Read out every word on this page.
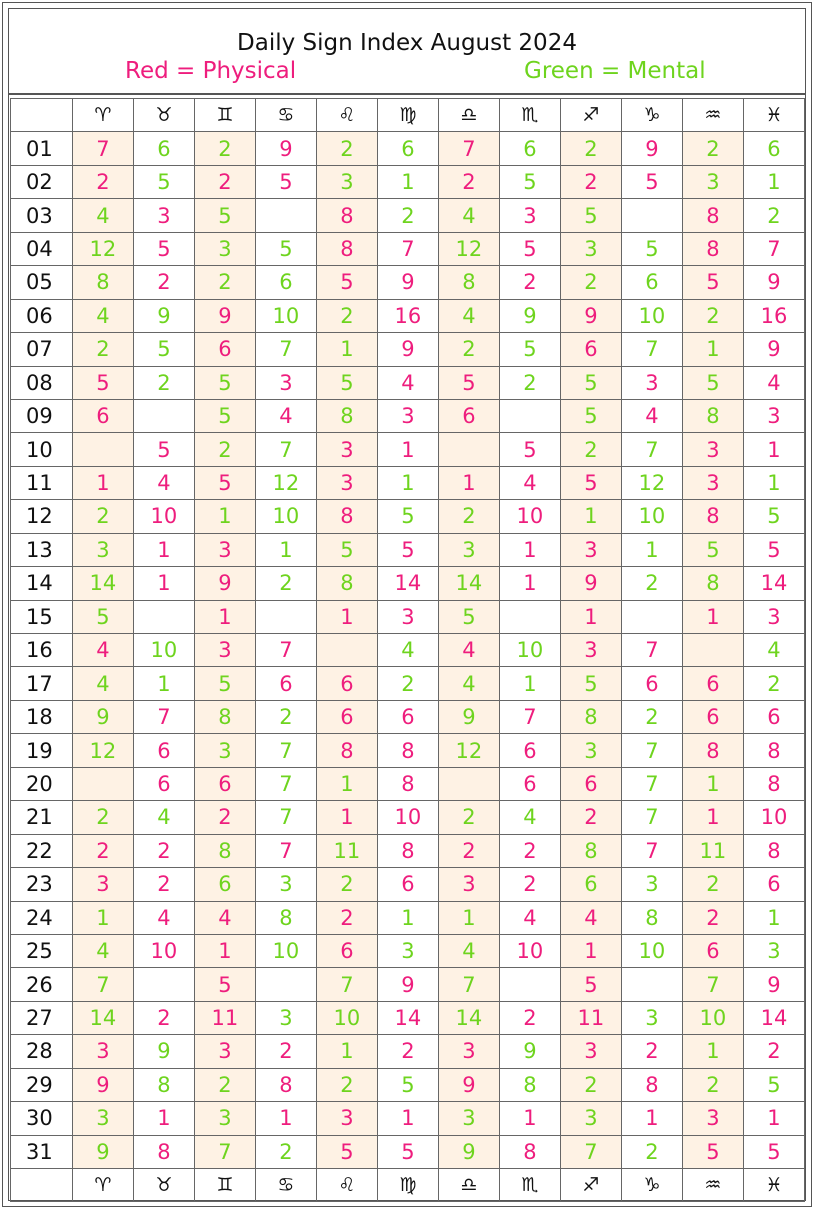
Daily Sign Index August 2024
Red = Physical	Green = Mental
	♈	♉	♊	♋	♌	♍	♎	♏	♐	♑	♒	♓
01	7	6	2	9	2	6	7	6	2	9	2	6
02	2	5	2	5	3	1	2	5	2	5	3	1
03	4	3	5		8	2	4	3	5		8	2
04	12	5	3	5	8	7	12	5	3	5	8	7
05	8	2	2	6	5	9	8	2	2	6	5	9
06	4	9	9	10	2	16	4	9	9	10	2	16
07	2	5	6	7	1	9	2	5	6	7	1	9
08	5	2	5	3	5	4	5	2	5	3	5	4
09	6		5	4	8	3	6		5	4	8	3
10		5	2	7	3	1		5	2	7	3	1
11	1	4	5	12	3	1	1	4	5	12	3	1
12	2	10	1	10	8	5	2	10	1	10	8	5
13	3	1	3	1	5	5	3	1	3	1	5	5
14	14	1	9	2	8	14	14	1	9	2	8	14
15	5		1		1	3	5		1		1	3
16	4	10	3	7		4	4	10	3	7		4
17	4	1	5	6	6	2	4	1	5	6	6	2
18	9	7	8	2	6	6	9	7	8	2	6	6
19	12	6	3	7	8	8	12	6	3	7	8	8
20		6	6	7	1	8		6	6	7	1	8
21	2	4	2	7	1	10	2	4	2	7	1	10
22	2	2	8	7	11	8	2	2	8	7	11	8
23	3	2	6	3	2	6	3	2	6	3	2	6
24	1	4	4	8	2	1	1	4	4	8	2	1
25	4	10	1	10	6	3	4	10	1	10	6	3
26	7		5		7	9	7		5		7	9
27	14	2	11	3	10	14	14	2	11	3	10	14
28	3	9	3	2	1	2	3	9	3	2	1	2
29	9	8	2	8	2	5	9	8	2	8	2	5
30	3	1	3	1	3	1	3	1	3	1	3	1
31	9	8	7	2	5	5	9	8	7	2	5	5
	♈	♉	♊	♋	♌	♍	♎	♏	♐	♑	♒	♓
